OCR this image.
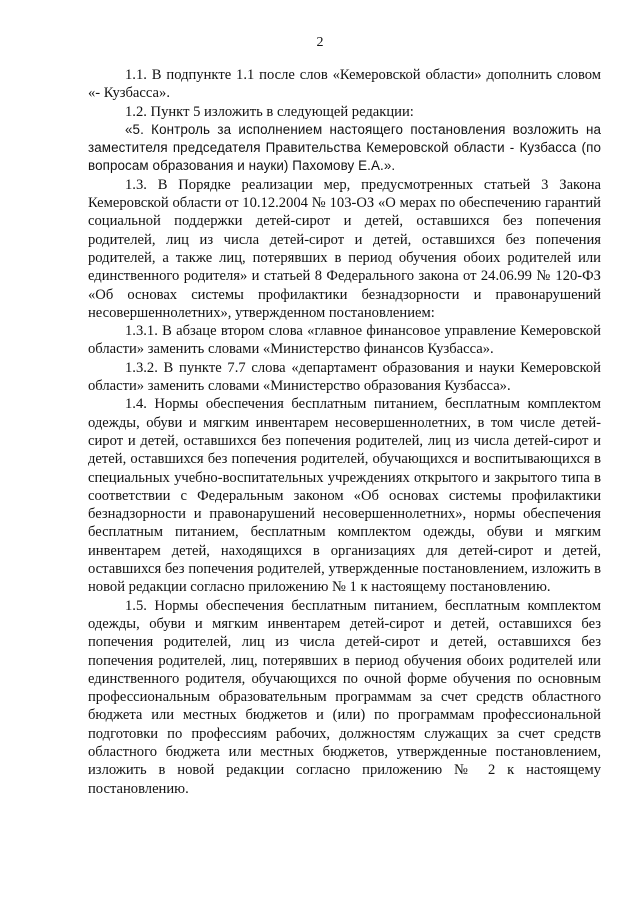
2

1.1. В подпункте 1.1 после слов «Кемеровской области» дополнить словом «- Кузбасса».

1.2. Пункт 5 изложить в следующей редакции:

«5. Контроль за исполнением настоящего постановления возложить на заместителя председателя Правительства Кемеровской области - Кузбасса (по вопросам образования и науки) Пахомову Е.А.».

1.3. В Порядке реализации мер, предусмотренных статьей 3 Закона Кемеровской области от 10.12.2004 № 103-ОЗ «О мерах по обеспечению гарантий социальной поддержки детей-сирот и детей, оставшихся без попечения родителей, лиц из числа детей-сирот и детей, оставшихся без попечения родителей, а также лиц, потерявших в период обучения обоих родителей или единственного родителя» и статьей 8 Федерального закона от 24.06.99 № 120-ФЗ «Об основах системы профилактики безнадзорности и правонарушений несовершеннолетних», утвержденном постановлением:

1.3.1. В абзаце втором слова «главное финансовое управление Кемеровской области» заменить словами «Министерство финансов Кузбасса».

1.3.2. В пункте 7.7 слова «департамент образования и науки Кемеровской области» заменить словами «Министерство образования Кузбасса».

1.4. Нормы обеспечения бесплатным питанием, бесплатным комплектом одежды, обуви и мягким инвентарем несовершеннолетних, в том числе детей-сирот и детей, оставшихся без попечения родителей, лиц из числа детей-сирот и детей, оставшихся без попечения родителей, обучающихся и воспитывающихся в специальных учебно-воспитательных учреждениях открытого и закрытого типа в соответствии с Федеральным законом «Об основах системы профилактики безнадзорности и правонарушений несовершеннолетних», нормы обеспечения бесплатным питанием, бесплатным комплектом одежды, обуви и мягким инвентарем детей, находящихся в организациях для детей-сирот и детей, оставшихся без попечения родителей, утвержденные постановлением, изложить в новой редакции согласно приложению № 1 к настоящему постановлению.

1.5. Нормы обеспечения бесплатным питанием, бесплатным комплектом одежды, обуви и мягким инвентарем детей-сирот и детей, оставшихся без попечения родителей, лиц из числа детей-сирот и детей, оставшихся без попечения родителей, лиц, потерявших в период обучения обоих родителей или единственного родителя, обучающихся по очной форме обучения по основным профессиональным образовательным программам за счет средств областного бюджета или местных бюджетов и (или) по программам профессиональной подготовки по профессиям рабочих, должностям служащих за счет средств областного бюджета или местных бюджетов, утвержденные постановлением, изложить в новой редакции согласно приложению № 2 к настоящему постановлению.
